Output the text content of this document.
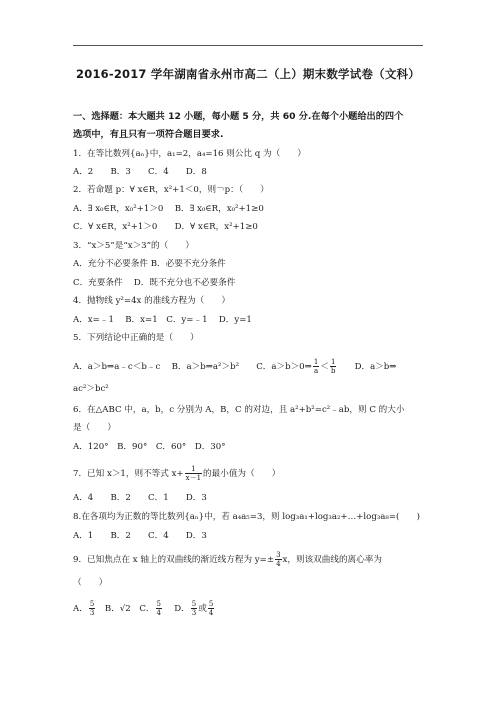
2016-2017 学年湖南省永州市高二（上）期末数学试卷（文科）
一、选择题：本大题共 12 小题，每小题 5 分，共 60 分.在每个小题给出的四个
选项中，有且只有一项符合题目要求.
1．在等比数列{aₙ}中，a₁=2，a₄=16 则公比 q 为（　　）
A．2　　B．3　　C．4　　D．8
2．若命题 p：∀ x∈R，x²+1＜0，则￢p：（　　）
A．∃ x₀∈R，x₀²+1＞0　 B．∃ x₀∈R，x₀²+1≥0
C．∀ x∈R，x²+1＞0　　D．∀ x∈R，x²+1≥0
3．“x＞5”是“x＞3”的（　　）
A．充分不必要条件 B．必要不充分条件
C．充要条件　 D．既不充分也不必要条件
4．抛物线 y²=4x 的准线方程为（　　）
A．x=﹣1　 B．x=1　C．y=﹣1　 D．y=1
5．下列结论中正确的是（　　）
A．a＞b⇒a﹣c＜b﹣c　 B．a＞b⇒a²＞b²　　C．a＞b＞0⇒ $\frac{1}{a} < \frac{1}{b}$ 　　D．a＞b⇒
ac²＞bc²
6．在△ABC 中，a，b，c 分别为 A，B，C 的对边，且 a²+b²=c²﹣ab，则 C 的大小
是（　　）
A．120°　B．90°　C．60°　D．30°
7．已知 x＞1，则不等式 $x+ \frac{1}{x-1}$ 的最小值为（　　）
A．4　　B．2　　C．1　　D．3
8.在各项均为正数的等比数列{aₙ}中，若 a₄a₅=3，则 log₃a₁+log₃a₂+…+log₃a₈=(　　)
A．1　　B．2　　C．4　　D．3
9．已知焦点在 x 轴上的双曲线的渐近线方程为 $y=\pm \frac{3}{4}$ x，则该双曲线的离心率为
（　　）
A． $\frac{5}{3}$ 　B．√2　C． $\frac{5}{4}$ 　 D． $\frac{5}{3}$ 或 $\frac{5}{4}$
